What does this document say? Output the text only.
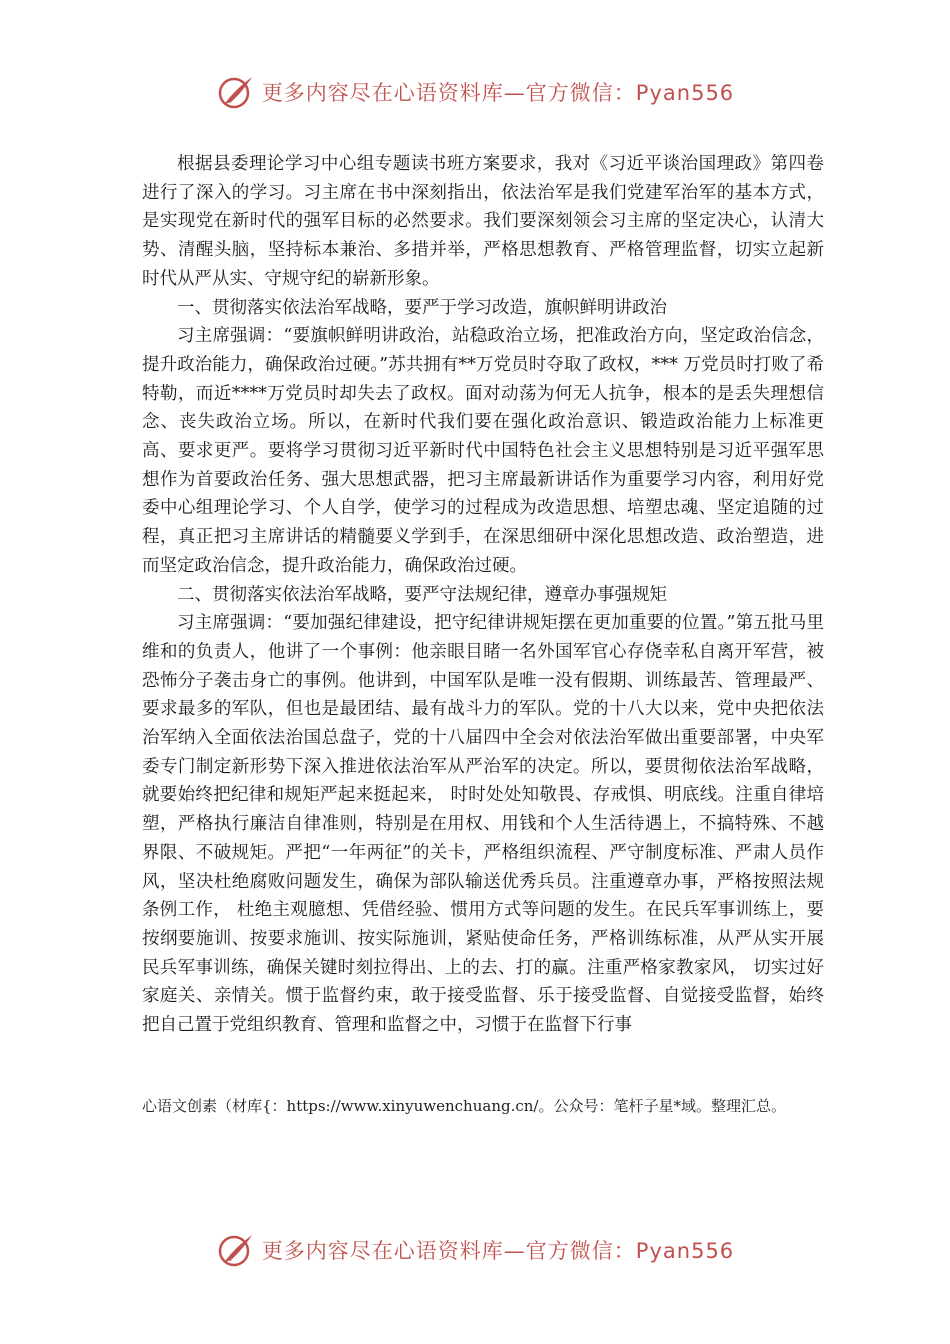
更多内容尽在心语资料库—官方微信：Pyan556

根据县委理论学习中心组专题读书班方案要求，我对《习近平谈治国理政》第四卷进行了深入的学习。习主席在书中深刻指出，依法治军是我们党建军治军的基本方式，是实现党在新时代的强军目标的必然要求。我们要深刻领会习主席的坚定决心，认清大势、清醒头脑，坚持标本兼治、多措并举，严格思想教育、严格管理监督，切实立起新时代从严从实、守规守纪的崭新形象。

一、贯彻落实依法治军战略，要严于学习改造，旗帜鲜明讲政治

习主席强调：“要旗帜鲜明讲政治，站稳政治立场，把准政治方向，坚定政治信念，提升政治能力，确保政治过硬。”苏共拥有**万党员时夺取了政权，*** 万党员时打败了希特勒，而近****万党员时却失去了政权。面对动荡为何无人抗争，根本的是丢失理想信念、丧失政治立场。所以，在新时代我们要在强化政治意识、锻造政治能力上标准更高、要求更严。要将学习贯彻习近平新时代中国特色社会主义思想特别是习近平强军思想作为首要政治任务、强大思想武器，把习主席最新讲话作为重要学习内容，利用好党委中心组理论学习、个人自学，使学习的过程成为改造思想、培塑忠魂、坚定追随的过程，真正把习主席讲话的精髓要义学到手，在深思细研中深化思想改造、政治塑造，进而坚定政治信念，提升政治能力，确保政治过硬。

二、贯彻落实依法治军战略，要严守法规纪律，遵章办事强规矩

习主席强调：“要加强纪律建设，把守纪律讲规矩摆在更加重要的位置。”第五批马里维和的负责人，他讲了一个事例：他亲眼目睹一名外国军官心存侥幸私自离开军营，被恐怖分子袭击身亡的事例。他讲到，中国军队是唯一没有假期、训练最苦、管理最严、要求最多的军队，但也是最团结、最有战斗力的军队。党的十八大以来，党中央把依法治军纳入全面依法治国总盘子，党的十八届四中全会对依法治军做出重要部署，中央军委专门制定新形势下深入推进依法治军从严治军的决定。所以，要贯彻依法治军战略，就要始终把纪律和规矩严起来挺起来， 时时处处知敬畏、存戒惧、明底线。注重自律培塑，严格执行廉洁自律准则，特别是在用权、用钱和个人生活待遇上，不搞特殊、不越界限、不破规矩。严把“一年两征”的关卡，严格组织流程、严守制度标准、严肃人员作风，坚决杜绝腐败问题发生，确保为部队输送优秀兵员。注重遵章办事，严格按照法规条例工作， 杜绝主观臆想、凭借经验、惯用方式等问题的发生。在民兵军事训练上，要按纲要施训、按要求施训、按实际施训，紧贴使命任务，严格训练标准，从严从实开展民兵军事训练，确保关键时刻拉得出、上的去、打的赢。注重严格家教家风， 切实过好家庭关、亲情关。惯于监督约束，敢于接受监督、乐于接受监督、自觉接受监督，始终把自己置于党组织教育、管理和监督之中，习惯于在监督下行事

心语文创素（材库{：https://www.xinyuwenchuang.cn/。公众号：笔杆子星*域。整理汇总。
更多内容尽在心语资料库—官方微信：Pyan556
